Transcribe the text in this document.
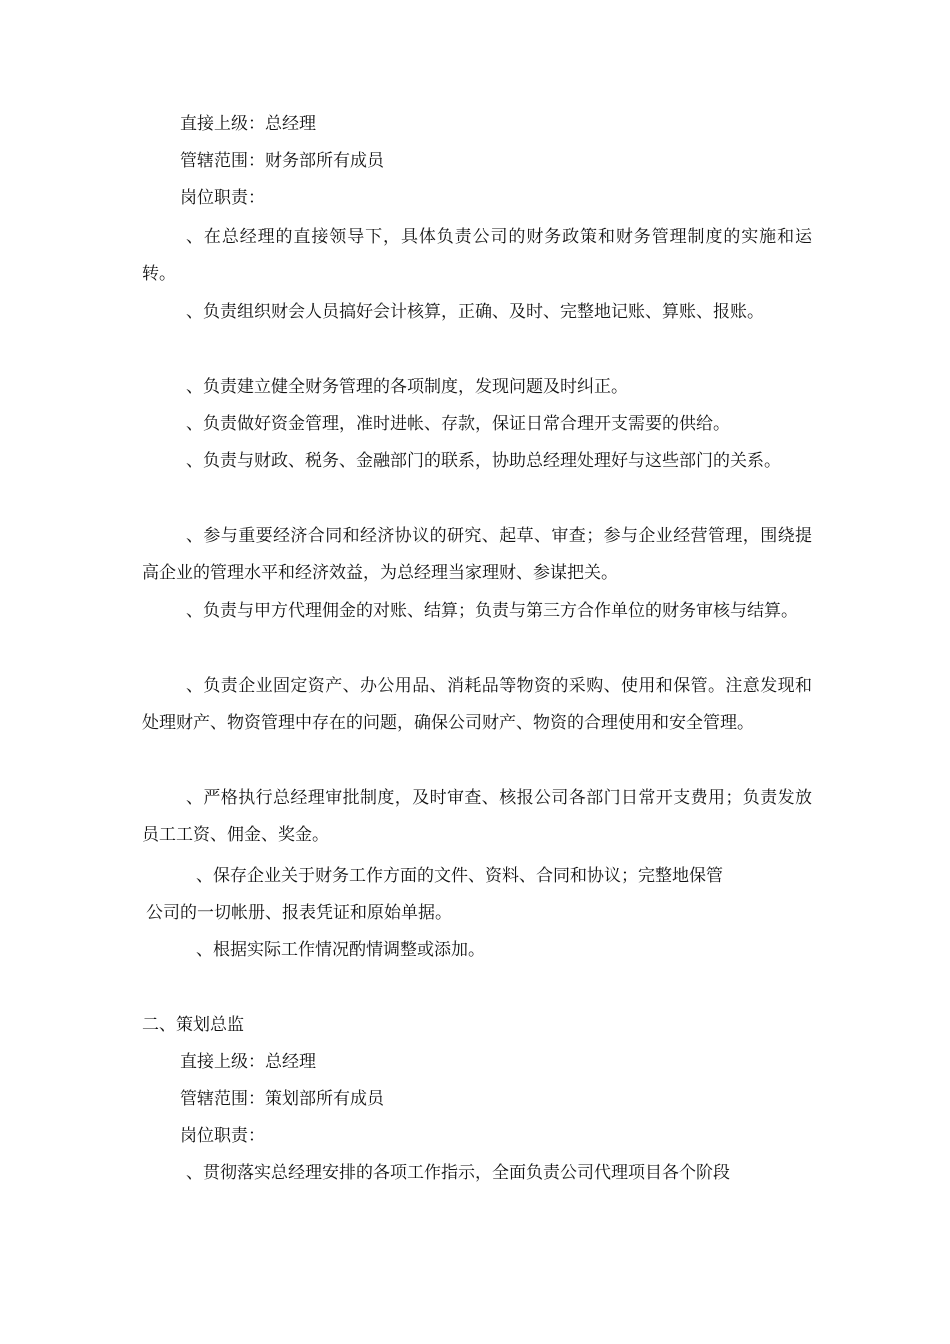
直接上级：总经理

管辖范围：财务部所有成员

岗位职责：

、在总经理的直接领导下，具体负责公司的财务政策和财务管理制度的实施和运转。

、负责组织财会人员搞好会计核算，正确、及时、完整地记账、算账、报账。

、负责建立健全财务管理的各项制度，发现问题及时纠正。

、负责做好资金管理，准时进帐、存款，保证日常合理开支需要的供给。

、负责与财政、税务、金融部门的联系，协助总经理处理好与这些部门的关系。

、参与重要经济合同和经济协议的研究、起草、审查；参与企业经营管理，围绕提高企业的管理水平和经济效益，为总经理当家理财、参谋把关。

、负责与甲方代理佣金的对账、结算；负责与第三方合作单位的财务审核与结算。

、负责企业固定资产、办公用品、消耗品等物资的采购、使用和保管。注意发现和处理财产、物资管理中存在的问题，确保公司财产、物资的合理使用和安全管理。

、严格执行总经理审批制度，及时审查、核报公司各部门日常开支费用；负责发放员工工资、佣金、奖金。

、保存企业关于财务工作方面的文件、资料、合同和协议；完整地保管

公司的一切帐册、报表凭证和原始单据。

、根据实际工作情况酌情调整或添加。

二、策划总监

直接上级：总经理

管辖范围：策划部所有成员

岗位职责：

、贯彻落实总经理安排的各项工作指示，全面负责公司代理项目各个阶段
